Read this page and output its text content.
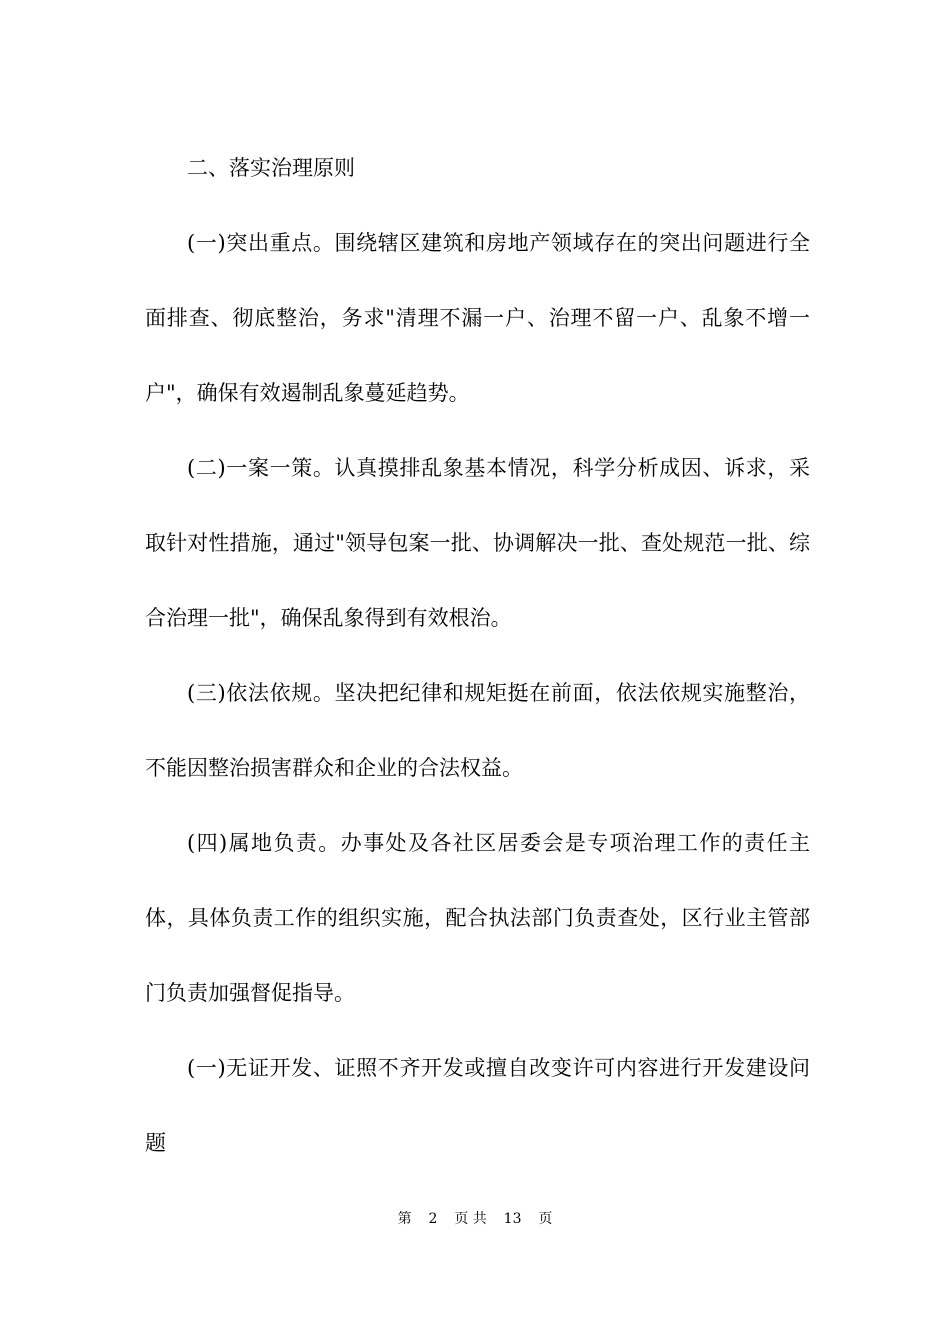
二、落实治理原则

(一)突出重点。围绕辖区建筑和房地产领域存在的突出问题进行全面排查、彻底整治，务求"清理不漏一户、治理不留一户、乱象不增一户"，确保有效遏制乱象蔓延趋势。

(二)一案一策。认真摸排乱象基本情况，科学分析成因、诉求，采取针对性措施，通过"领导包案一批、协调解决一批、查处规范一批、综合治理一批"，确保乱象得到有效根治。

(三)依法依规。坚决把纪律和规矩挺在前面，依法依规实施整治，不能因整治损害群众和企业的合法权益。

(四)属地负责。办事处及各社区居委会是专项治理工作的责任主体，具体负责工作的组织实施，配合执法部门负责查处，区行业主管部门负责加强督促指导。

(一)无证开发、证照不齐开发或擅自改变许可内容进行开发建设问题

第 2 页 共 13 页
